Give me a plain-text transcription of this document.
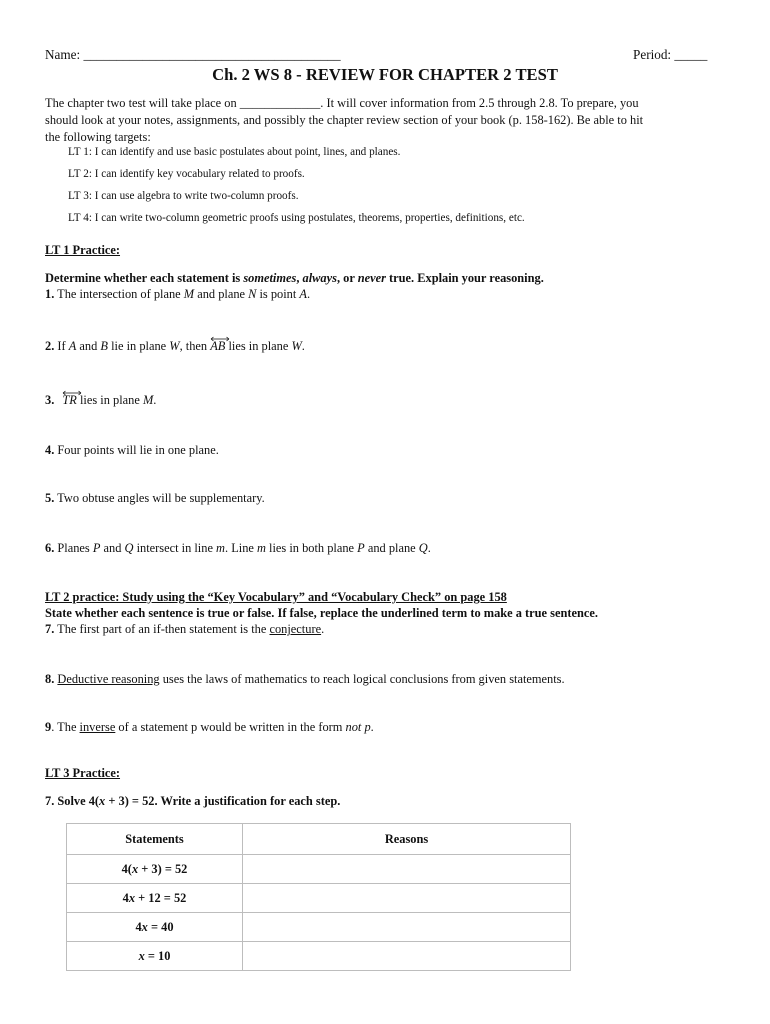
Name: _______________________________________	Period: _____
Ch. 2 WS 8 - REVIEW FOR CHAPTER 2 TEST
The chapter two test will take place on _____________. It will cover information from 2.5 through 2.8. To prepare, you
should look at your notes, assignments, and possibly the chapter review section of your book (p. 158-162). Be able to hit
the following targets:
LT 1: I can identify and use basic postulates about point, lines, and planes.
LT 2: I can identify key vocabulary related to proofs.
LT 3: I can use algebra to write two-column proofs.
LT 4: I can write two-column geometric proofs using postulates, theorems, properties, definitions, etc.
LT 1 Practice:
Determine whether each statement is sometimes, always, or never true. Explain your reasoning.
1. The intersection of plane M and plane N is point A.
2. If A and B lie in plane W, then
AB lies in plane W.
3. TR lies in plane M.
4. Four points will lie in one plane.
5. Two obtuse angles will be supplementary.
6. Planes P and Q intersect in line m. Line m lies in both plane P and plane Q.
LT 2 practice: Study using the “Key Vocabulary” and “Vocabulary Check” on page 158
State whether each sentence is true or false. If false, replace the underlined term to make a true sentence.
7. The first part of an if-then statement is the conjecture.
8. Deductive reasoning uses the laws of mathematics to reach logical conclusions from given statements.
9. The inverse of a statement p would be written in the form not p.
LT 3 Practice:
7. Solve 4(x + 3) = 52. Write a justification for each step.
Statements	Reasons
4(x + 3) = 52	
4x + 12 = 52	
4x = 40	
x = 10	
